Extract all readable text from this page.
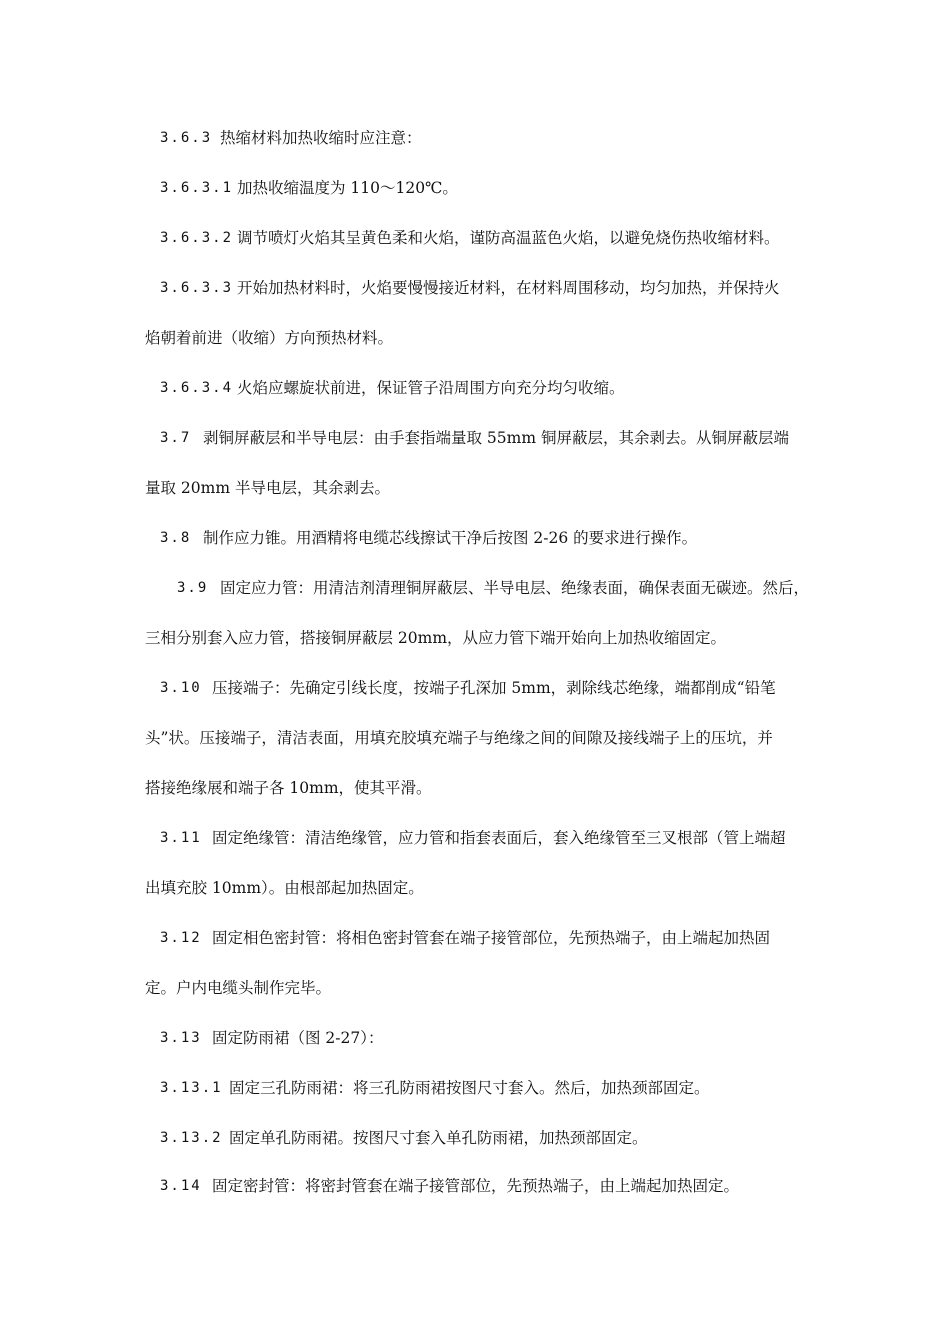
3.6.3 热缩材料加热收缩时应注意：
3.6.3.1 加热收缩温度为 110～120℃。
3.6.3.2 调节喷灯火焰其呈黄色柔和火焰，谨防高温蓝色火焰，以避免烧伤热收缩材料。
3.6.3.3 开始加热材料时，火焰要慢慢接近材料，在材料周围移动，均匀加热，并保持火
焰朝着前进（收缩）方向预热材料。
3.6.3.4 火焰应螺旋状前进，保证管子沿周围方向充分均匀收缩。
3.7 剥铜屏蔽层和半导电层：由手套指端量取 55mm 铜屏蔽层，其余剥去。从铜屏蔽层端
量取 20mm 半导电层，其余剥去。
3.8 制作应力锥。用酒精将电缆芯线擦试干净后按图 2-26 的要求进行操作。
3.9 固定应力管：用清洁剂清理铜屏蔽层、半导电层、绝缘表面，确保表面无碳迹。然后，
三相分别套入应力管，搭接铜屏蔽层 20mm，从应力管下端开始向上加热收缩固定。
3.10 压接端子：先确定引线长度，按端子孔深加 5mm，剥除线芯绝缘，端都削成“铅笔
头”状。压接端子，清洁表面，用填充胶填充端子与绝缘之间的间隙及接线端子上的压坑，并
搭接绝缘展和端子各 10mm，使其平滑。
3.11 固定绝缘管：清洁绝缘管，应力管和指套表面后，套入绝缘管至三叉根部（管上端超
出填充胶 10mm）。由根部起加热固定。
3.12 固定相色密封管：将相色密封管套在端子接管部位，先预热端子，由上端起加热固
定。户内电缆头制作完毕。
3.13 固定防雨裙（图 2-27）：
3.13.1 固定三孔防雨裙：将三孔防雨裙按图尺寸套入。然后，加热颈部固定。
3.13.2 固定单孔防雨裙。按图尺寸套入单孔防雨裙，加热颈部固定。
3.14 固定密封管：将密封管套在端子接管部位，先预热端子，由上端起加热固定。
